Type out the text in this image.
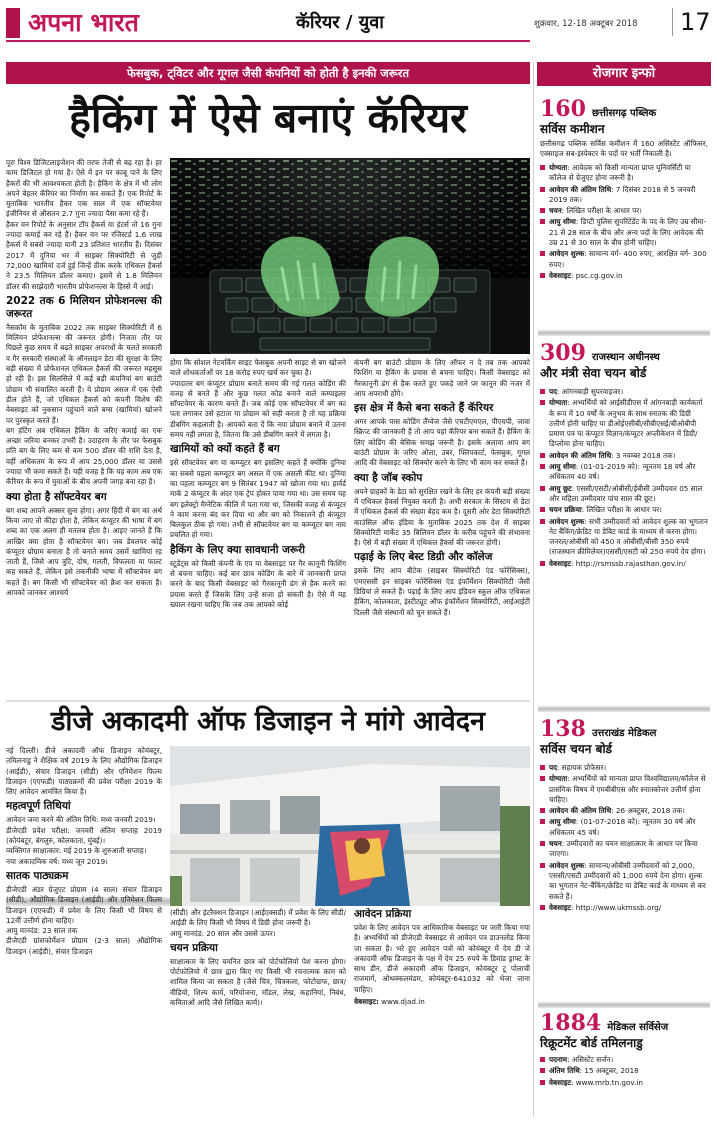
अपना भारत	कॅरियर / युवा	शुक्रवार, 12-18 अक्टूबर 2018 17
रोजगार इन्फो
फेसबुक, ट्विटर और गूगल जैसी कंपनियों को होती है इनकी जरूरत
हैकिंग में ऐसे बनाएं कॅरियर

पूरा विश्व डिजिटलाइजेशन की तरफ तेजी से बढ़ रहा है। हर काम डिजिटल हो गया है। ऐसे में इन पर काबू पाने के लिए हैकरों की भी आवश्यकता होती है। हैकिंग के क्षेत्र में भी लोग अपने बेहतर कॅरियर का निर्माण कर सकते हैं। एक रिपोर्ट के मुताबिक भारतीय हैकर एक साल में एक सॉफ्टवेयर इंजीनियर से औसतन 2.7 गुना ज्यादा पैसा कमा रहे हैं।
हैकर वन रिपोर्ट के अनुसार टॉप हैकर्स या हंटर्स तो 16 गुना ज्यादा कमाई कर रहे हैं। हैकर वन पर रजिस्टर्ड 1.6 लाख हैकर्स में सबसे ज्यादा यानी 23 प्रतिशत भारतीय हैं। दिसंबर 2017 में दुनिया भर में साइबर सिक्योरिटी से जुड़ी 72,000 खामियां दर्ज हुई जिन्हें ठीक करके एथिकल हैकर्स ने 23.5 मिलियन डॉलर कमाए। इसमें से 1.8 मिलियन डॉलर की साझेदारी भारतीय प्रोफेशनल्स के हिस्से में आई।

2022 तक 6 मिलियन प्रोफेशनल्स की जरूरत

नैसकॉम के मुताबिक 2022 तक साइबर सिक्योरिटी में 6 मिलियन प्रोफेशनल्स की जरूरत होगी। निजता तौर पर पिछले कुछ समय में बढ़ते साइबर अपराधों के चलते सरकारी व गैर सरकारी संस्थाओं के ऑनलाइन डेटा की सुरक्षा के लिए बड़ी संख्या में प्रोफेशनल एथिकल हैकर्स की जरूरत महसूस हो रही है। इस सिलसिले में कई बड़ी कंपनियां बग बाउंटी प्रोग्राम भी संचालित करती हैं। ये प्रोग्राम असल में एक ऐसी डील होते हैं, जो एथिकल हैकर्स को कंपनी विशेष की वेबसाइट को नुकसान पहुंचाने वाले बग्स (खामियां) खोजने पर पुरस्कृत करते हैं।
बग हंटिंग अब एथिकल हैकिंग के जरिए कमाई का एक अच्छा जरिया बनकर उभरी है। उदाहरण के तौर पर फेसबुक प्रति बग के लिए कम से कम 500 डॉलर की राशि देता है, वहीं अधिकतम के रूप में आप 25,000 डॉलर या उससे ज्यादा भी कमा सकते हैं। यही वजह है कि यह काम अब एक कॅरियर के रूप में युवाओं के बीच अपनी जगह बना रहा है।

क्या होता है सॉफ्टवेयर बग

बग शब्द आपने अक्सर सुना होगा। अगर हिंदी में बग का अर्थ किया जाए तो कीड़ा होता है, लेकिन कंप्यूटर की भाषा में बग शब्द का एक अलग ही मतलब होता है। आइए जानते हैं कि आखिर क्या होता है सॉफ्टवेयर बग। जब डेवलपर कोई कंप्यूटर प्रोग्राम बनाता है तो बनाते समय उसमें खामियां रह जाती हैं, जिसे आप त्रुटि, दोष, गलती, विफलता या फाल्ट कह सकते हैं, लेकिन इसे तकनीकी भाषा में सॉफ्टवेयर बग कहते हैं। बग किसी भी सॉफ्टवेयर को क्रैश कर सकता है। आपको जानकर आश्चर्य

होगा कि सोशल नेटवर्किंग साइट फेसबुक अपनी साइट से बग खोजने वाले शोधकर्ताओं पर 18 करोड़ रुपए खर्च कर चुका है।
ज्यादातर बग कंप्यूटर प्रोग्राम बनाते समय की गई गलत कोडिंग की वजह से बनते हैं और कुछ गलत कोड बनाने वाले कम्पाइलर सॉफ्टवेयर के कारण बनते हैं। जब कोई एक सॉफ्टवेयर में बग का पता लगाकर उसे हटाता या प्रोग्राम को सही करता है तो यह प्रक्रिया डीबगिंग कहलाती है। आपको बता दें कि नया प्रोग्राम बनाने में उतना समय नहीं लगता है, जितना कि उसे डीबगिंग करने में लगता है।

खामियों को क्यों कहते हैं बग

इसे सॉफ्टवेयर बग या कम्प्यूटर बग इसलिए कहते हैं क्योंकि दुनिया का सबसे पहला कम्प्यूटर बग असल में एक असली कीट था। दुनिया का पहला कम्प्यूटर बग 9 सितंबर 1947 को खोजा गया था। हार्वर्ड मार्क 2 कंप्यूटर के अंदर एक ट्रेप होकर पाया गया था। उस समय यह बग इलेक्ट्रो मैग्नेटिक कीलि में पता गया था, जिसकी वजह से कंप्यूटर ने काम करना बंद कर दिया था और बग को निकालने ही कंप्यूटर बिलकुल ठीक हो गया। तभी से सॉफ्टवेयर बग या कम्प्यूटर बग नाम प्रचलित हो गया।

हैकिंग के लिए क्या सावधानी जरूरी

स्टूडेंट्स को किसी कंपनी के एप या वेबसाइट पर गैर कानूनी फिशिंग से बचना चाहिए। कई बार छात्र कोडिंग के बारे में जानकारी प्राप्त करने के बाद किसी वेबसाइट को गैरकानूनी ढंग से हैक करने का प्रयास करते हैं जिसके लिए उन्हें सजा हो सकती है। ऐसे में यह ख्याल रखना चाहिए कि जब तक आपको कोई

कंपनी बग बाउंटी प्रोग्राम के लिए ऑफर न दे तब तक आपको फिशिंग या हैकिंग के प्रयास से बचना चाहिए। किसी वेबसाइट को गैरकानूनी ढंग से हैक करते हुए पकड़े जाने पर कानून की नजर में आप अपराधी होंगे।

इस क्षेत्र में कैसे बना सकते हैं कॅरियर

अगर आपके पास कोडिंग लैंग्वेज जैसे एचटीएमएल, पीएचपी, जावा स्क्रिप्ट की जानकारी है तो आप यहां कॅरियर बना सकते हैं। हैकिंग के लिए कोडिंग की बेसिक समझ जरूरी है। इसके अलावा आप बग बाउंटी प्रोग्राम के जरिए ओला, उबर, फ्लिपकार्ट, फेसबुक, गूगल आदि की वेबसाइट को सिक्योर करने के लिए भी काम कर सकते हैं।

क्या है जॉब स्कोप

अपने ग्राहकों के डेटा को सुरक्षित रखने के लिए हर कंपनी बड़ी संख्या में एथिकल हैकर्स नियुक्त करती है। अभी सरकार के सिस्टम से डेटा में एथिकल हैकर्स की संख्या बेहद कम है। दूसरी ओर डेटा सिक्योरिटी काउंसिल ऑफ इंडिया के मुताबिक 2025 तक देश में साइबर सिक्योरिटी मार्केट 35 बिलियन डॉलर के करीब पहुंचने की संभावना है। ऐसे में बड़ी संख्या में एथिकल हैकर्स की जरूरत होगी।

पढ़ाई के लिए बेस्ट डिग्री और कॉलेज

इसके लिए आप बीटेक (साइबर सिक्योरिटी एंड फोरेंसिक्स), एमएससी इन साइबर फोरेंसिक्स एंड इंफॉर्मेशन सिक्योरिटी जैसी डिग्रियां ले सकते हैं। पढ़ाई के लिए आप इंडियन स्कूल ऑफ एथिकल हैकिंग, कोलकाता, इंस्टीट्यूट ऑफ इंफॉर्मेशन सिक्योरिटी, आईआईटी दिल्ली जैसे संस्थानों को चुन सकते हैं।

डीजे अकादमी ऑफ डिजाइन ने मांगे आवेदन

नई दिल्ली। डीजे अकादमी ऑफ डिजाइन कोयंबटूर, तमिलनाडु ने शैक्षिक वर्ष 2019 के लिए औद्योगिक डिजाइन (आईडी), संचार डिजाइन (सीडी) और एनिमेशन फिल्म डिजाइन (एएफडी) पाठ्यक्रमों की प्रवेश परीक्षा 2019 के लिए आवेदन आमंत्रित किया है।

महत्वपूर्ण तिथियां

आवेदन जमा करने की अंतिम तिथि: मध्य जनवरी 2019।
डीजेएडी प्रवेश परीक्षा: जनवरी अंतिम सप्ताह 2019 (कोयंबटूर, बंगलुरु, कोलकाता, मुंबई)।
व्यक्तिगत साक्षात्कार: मई 2019 के शुरुआती सप्ताह।
नया अकादमिक वर्ष: मध्य जून 2019।

सातक पाठ्यक्रम

डीजेएडी अंडर ग्रेजुएट प्रोग्राम (4 साल) संचार डिजाइन (सीडी), औद्योगिक डिजाइन (आईडी) और एनिमेशन फिल्म डिजाइन (एएफडी) में प्रवेश के लिए किसी भी विषय से 12वीं उत्तीर्ण होना चाहिए।
आयु मानदंड: 23 साल तक
डीजेएडी ग्रांसफोर्मेशन प्रोग्राम (2-3 साल) औद्योगिक डिजाइन (आईडी), संचार डिजाइन

(सीडी) और इंटरैक्शन डिजाइन (आईएक्सडी) में प्रवेश के लिए सीडी/आईडी के लिए किसी भी विषय में डिग्री होना जरूरी है।
आयु मानदंड: 20 साल और उससे ऊपर।

चयन प्रक्रिया

साक्षात्कार के लिए चयनित छात्र को पोर्टफोलियो पेश करना होगा। पोर्टफोलियो में छात्र द्वारा किए गए किसी भी रचनात्मक काम को शामिल किया जा सकता है (जैसे चित्र, चित्रकला, फोटोग्राफ, छात्र/वीडियो, शिल्प कार्य, परियोजना, मॉडल, लेख, कहानियां, निबंध, कविताओं आदि जैसे लिखित कार्य)।

आवेदन प्रक्रिया

प्रवेश के लिए आवेदन पत्र आधिकारिक वेबसाइट पर जारी किया गया है। अभ्यर्थियों को डीजेएडी वेबसाइट से आवेदन पत्र डाउनलोड किया जा सकता है। भरे हुए आवेदन पत्रों को कोयंबटूर में देय डी जे अकादमी ऑफ डिजाइन के पक्ष में देय 25 रुपये के डिमांड ड्राफ्ट के साथ डीन, डीजे अकादमी ऑफ डिजाइन, कोयंबटूर टू पोलाची राजमार्ग, ओथक्कलमंडम, कोयंबटूर-641032 को भेजा जाना चाहिए।

वेबसाइट: www.djad.in

160 छत्तीसगढ़ पब्लिक
सर्विस कमीशन
छत्तीसगढ़ पब्लिक सर्विस कमीशन में 160 असिस्टेंट ऑफिसर, एक्साइज सब-इंस्पेक्टर के पदों पर भर्ती निकाली है।
योग्यता: आवेदक को किसी मान्यता प्राप्त यूनिवर्सिटी या कॉलेज से ग्रेजुएट होना जरूरी है।
आवेदन की अंतिम तिथि: 7 दिसंबर 2018 से 5 जनवरी 2019 तक।
चयन: लिखित परीक्षा के आधार पर।
आयु सीमा: डिप्टी पुलिस सुपरिंटेंडेंट के पद के लिए उम्र सीमा- 21 से 28 साल के बीच और अन्य पदों के लिए आवेदक की उम्र 21 से 30 साल के बीच होनी चाहिए।
आवेदन शुल्क: सामान्य वर्ग- 400 रुपए, आरक्षित वर्ग- 300 रुपए।
वेबसाइट: psc.cg.gov.in
309 राजस्थान अधीनस्थ
और मंत्री सेवा चयन बोर्ड
पद: आंगनबाड़ी सुपरवाइजर।
योग्यता: अभ्यर्थियों को आईसीडीएस में आंगनबाड़ी कार्यकर्ता के रूप में 10 वर्षों के अनुभव के साथ स्नातक की डिग्री उत्तीर्ण होनी चाहिए या डीओईएसीबी/सीबीएसई/बीओबीपी प्रमाण पत्र या कंप्यूटर विज्ञान/कंप्यूटर अप्लीकेशन में डिग्री/डिप्लोमा होना चाहिए।
आवेदन की अंतिम तिथि: 3 नवम्बर 2018 तक।
आयु सीमा: (01-01-2019 को): न्यूनतम 18 वर्ष और अधिकतम 40 वर्ष।
आयु छूट: एससी/एसटी/ओबीसी/ईबीसी उम्मीदवार 05 साल और महिला उम्मीदवार पांच साल की छूट।
चयन प्रक्रिया: लिखित परीक्षा के आधार पर।
आवेदन शुल्क: सभी उम्मीदवारों को आवेदन शुल्क का भुगतान नेट बैंकिंग/क्रेडिट या डेबिट कार्ड के माध्यम से करना होगा। जनरल/ओबीसी को 450 व ओबीसी/बीसी 350 रुपये (राजस्थान क्रीमिलेयर)एससी/एसटी को 250 रुपये देय होगा।
वेबसाइट: http://rsmssb.rajasthan.gov.in/
138 उत्तराखंड मेडिकल
सर्विस चयन बोर्ड
पद: सहायक प्रोफेसर।
योग्यता: अभ्यर्थियों को मान्यता प्राप्त विश्वविद्यालय/कॉलेज से प्रासंगिक विषय में एमबीबीएस और स्नातकोत्तर उत्तीर्ण होना चाहिए।
आवेदन की अंतिम तिथि: 26 अक्टूबर, 2018 तक।
आयु सीमा: (01-07-2018 को): न्यूनतम 30 वर्ष और अधिकतम 45 वर्ष।
चयन: उम्मीदवारों का चयन साक्षात्कार के आधार पर किया जाएगा।
आवेदन शुल्क: सामान्य/ओबीसी उम्मीदवारों को 2,000, एससी/एसटी उम्मीदवारों को 1,000 रुपये देना होगा। शुल्क का भुगतान नेट-बैंकिंग/क्रेडिट या डेबिट कार्ड के माध्यम से कर सकते हैं।
वेबसाइट: http://www.ukmssb.org/
1884 मेडिकल सर्विसेज
रिक्रूटमेंट बोर्ड तमिलनाडु
पदनाम: असिस्टेंट सर्जन।
अंतिम तिथि: 15 अक्टूबर, 2018
वेबसाइट: www.mrb.tn.gov.in
